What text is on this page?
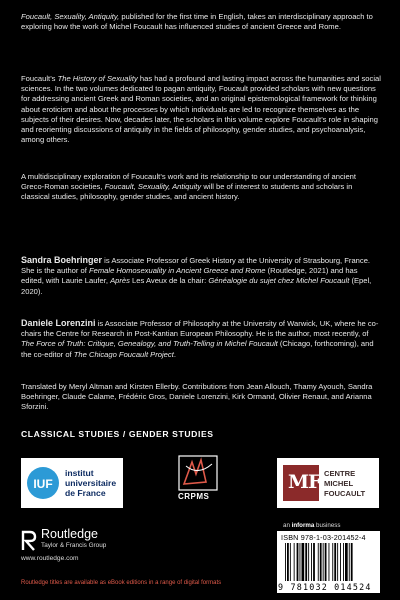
Foucault, Sexuality, Antiquity, published for the first time in English, takes an interdisciplinary approach to exploring how the work of Michel Foucault has influenced studies of ancient Greece and Rome.

Foucault’s The History of Sexuality has had a profound and lasting impact across the humanities and social sciences. In the two volumes dedicated to pagan antiquity, Foucault provided scholars with new questions for addressing ancient Greek and Roman societies, and an original epistemological framework for thinking about eroticism and about the processes by which individuals are led to recognize themselves as the subjects of their desires. Now, decades later, the scholars in this volume explore Foucault’s role in shaping and reorienting discussions of antiquity in the fields of philosophy, gender studies, and psychoanalysis, among others.

A multidisciplinary exploration of Foucault’s work and its relationship to our understanding of ancient Greco-Roman societies, Foucault, Sexuality, Antiquity will be of interest to students and scholars in classical studies, philosophy, gender studies, and ancient history.

Sandra Boehringer is Associate Professor of Greek History at the University of Strasbourg, France. She is the author of Female Homosexuality in Ancient Greece and Rome (Routledge, 2021) and has edited, with Laurie Laufer, Après Les Aveux de la chair: Généalogie du sujet chez Michel Foucault (Epel, 2020).

Daniele Lorenzini is Associate Professor of Philosophy at the University of Warwick, UK, where he co-chairs the Centre for Research in Post-Kantian European Philosophy. He is the author, most recently, of The Force of Truth: Critique, Genealogy, and Truth-Telling in Michel Foucault (Chicago, forthcoming), and the co-editor of The Chicago Foucault Project.

Translated by Meryl Altman and Kirsten Ellerby. Contributions from Jean Allouch, Thamy Ayouch, Sandra Boehringer, Claude Calame, Frédéric Gros, Daniele Lorenzini, Kirk Ormand, Olivier Renaut, and Arianna Sforzini.

CLASSICAL STUDIES / GENDER STUDIES
IUF
institut
universitaire
de France	CRPMS
MF CENTRE
MICHEL
FOUCAULT
Routledge
Taylor & Francis Group
www.routledge.com
Routledge titles are available as eBook editions in a range of digital formats
an informa business
ISBN 978-1-03-201452-4
9 781032 014524
